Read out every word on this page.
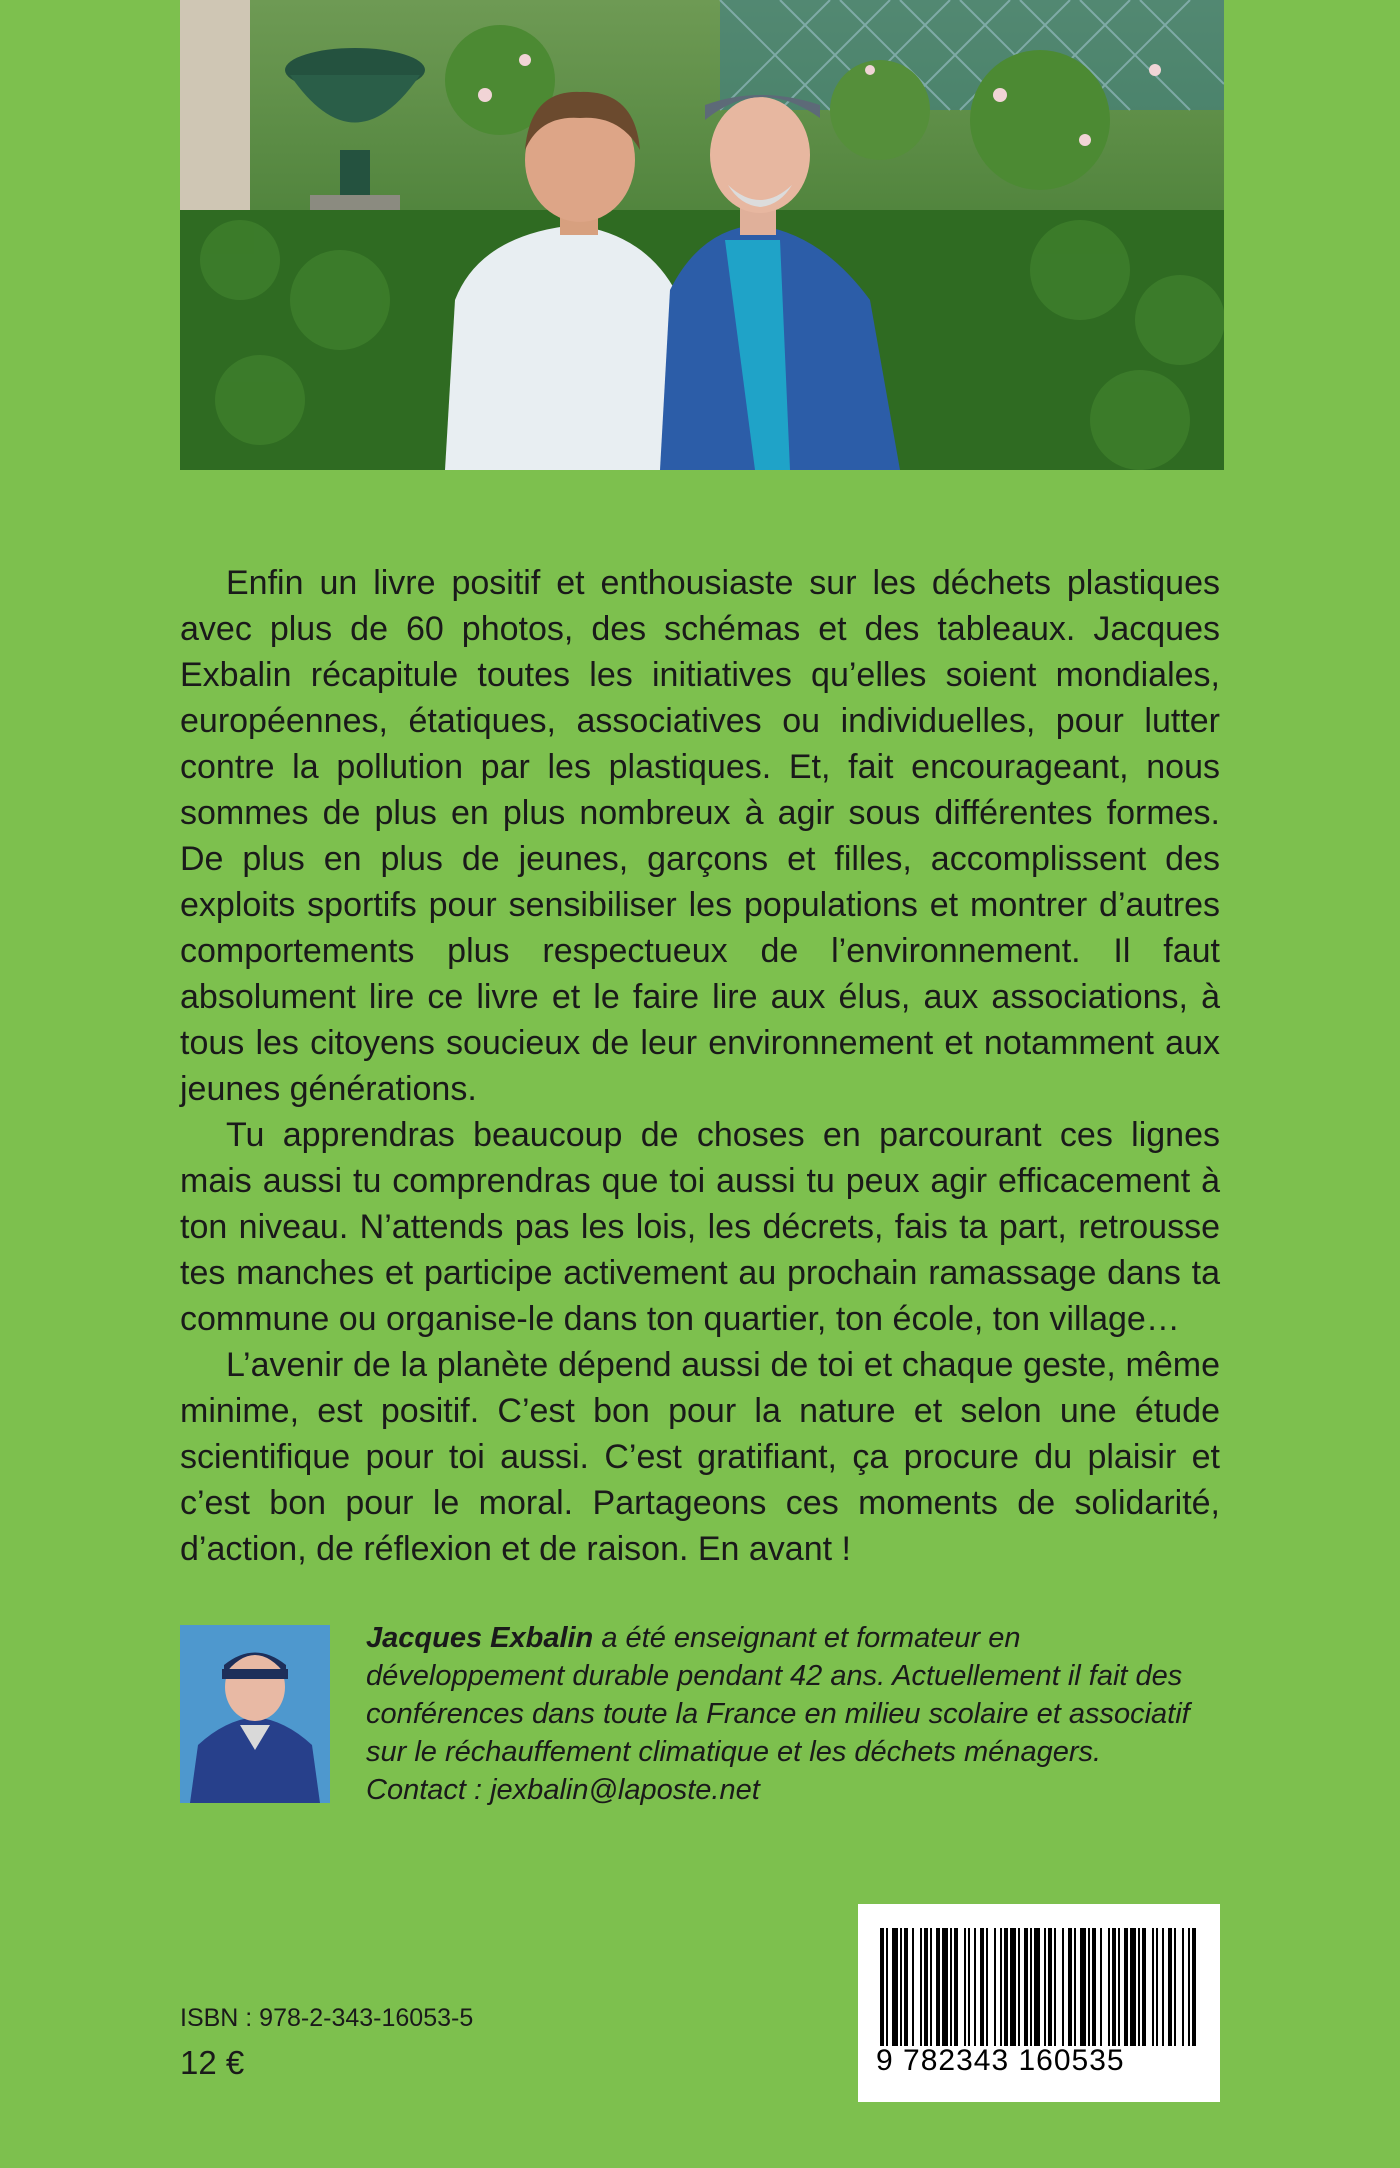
Enfin un livre positif et enthousiaste sur les déchets plastiques avec plus de 60 photos, des schémas et des tableaux. Jacques Exbalin récapitule toutes les initiatives qu’elles soient mondiales, européennes, étatiques, associatives ou individuelles, pour lutter contre la pollution par les plastiques. Et, fait encourageant, nous sommes de plus en plus nombreux à agir sous différentes formes. De plus en plus de jeunes, garçons et filles, accomplissent des exploits sportifs pour sensibiliser les populations et montrer d’autres comportements plus respectueux de l’environnement. Il faut absolument lire ce livre et le faire lire aux élus, aux associations, à tous les citoyens soucieux de leur environnement et notamment aux jeunes générations.

Tu apprendras beaucoup de choses en parcourant ces lignes mais aussi tu comprendras que toi aussi tu peux agir efficacement à ton niveau. N’attends pas les lois, les décrets, fais ta part, retrousse tes manches et participe activement au prochain ramassage dans ta commune ou organise-le dans ton quartier, ton école, ton village…

L’avenir de la planète dépend aussi de toi et chaque geste, même minime, est positif. C’est bon pour la nature et selon une étude scientifique pour toi aussi. C’est gratifiant, ça procure du plaisir et c’est bon pour le moral. Partageons ces moments de solidarité, d’action, de réflexion et de raison. En avant !

Jacques Exbalin a été enseignant et formateur en développement durable pendant 42 ans. Actuellement il fait des conférences dans toute la France en milieu scolaire et associatif sur le réchauffement climatique et les déchets ménagers.
Contact : jexbalin@laposte.net
9 782343 160535
ISBN : 978-2-343-16053-5
12 €
